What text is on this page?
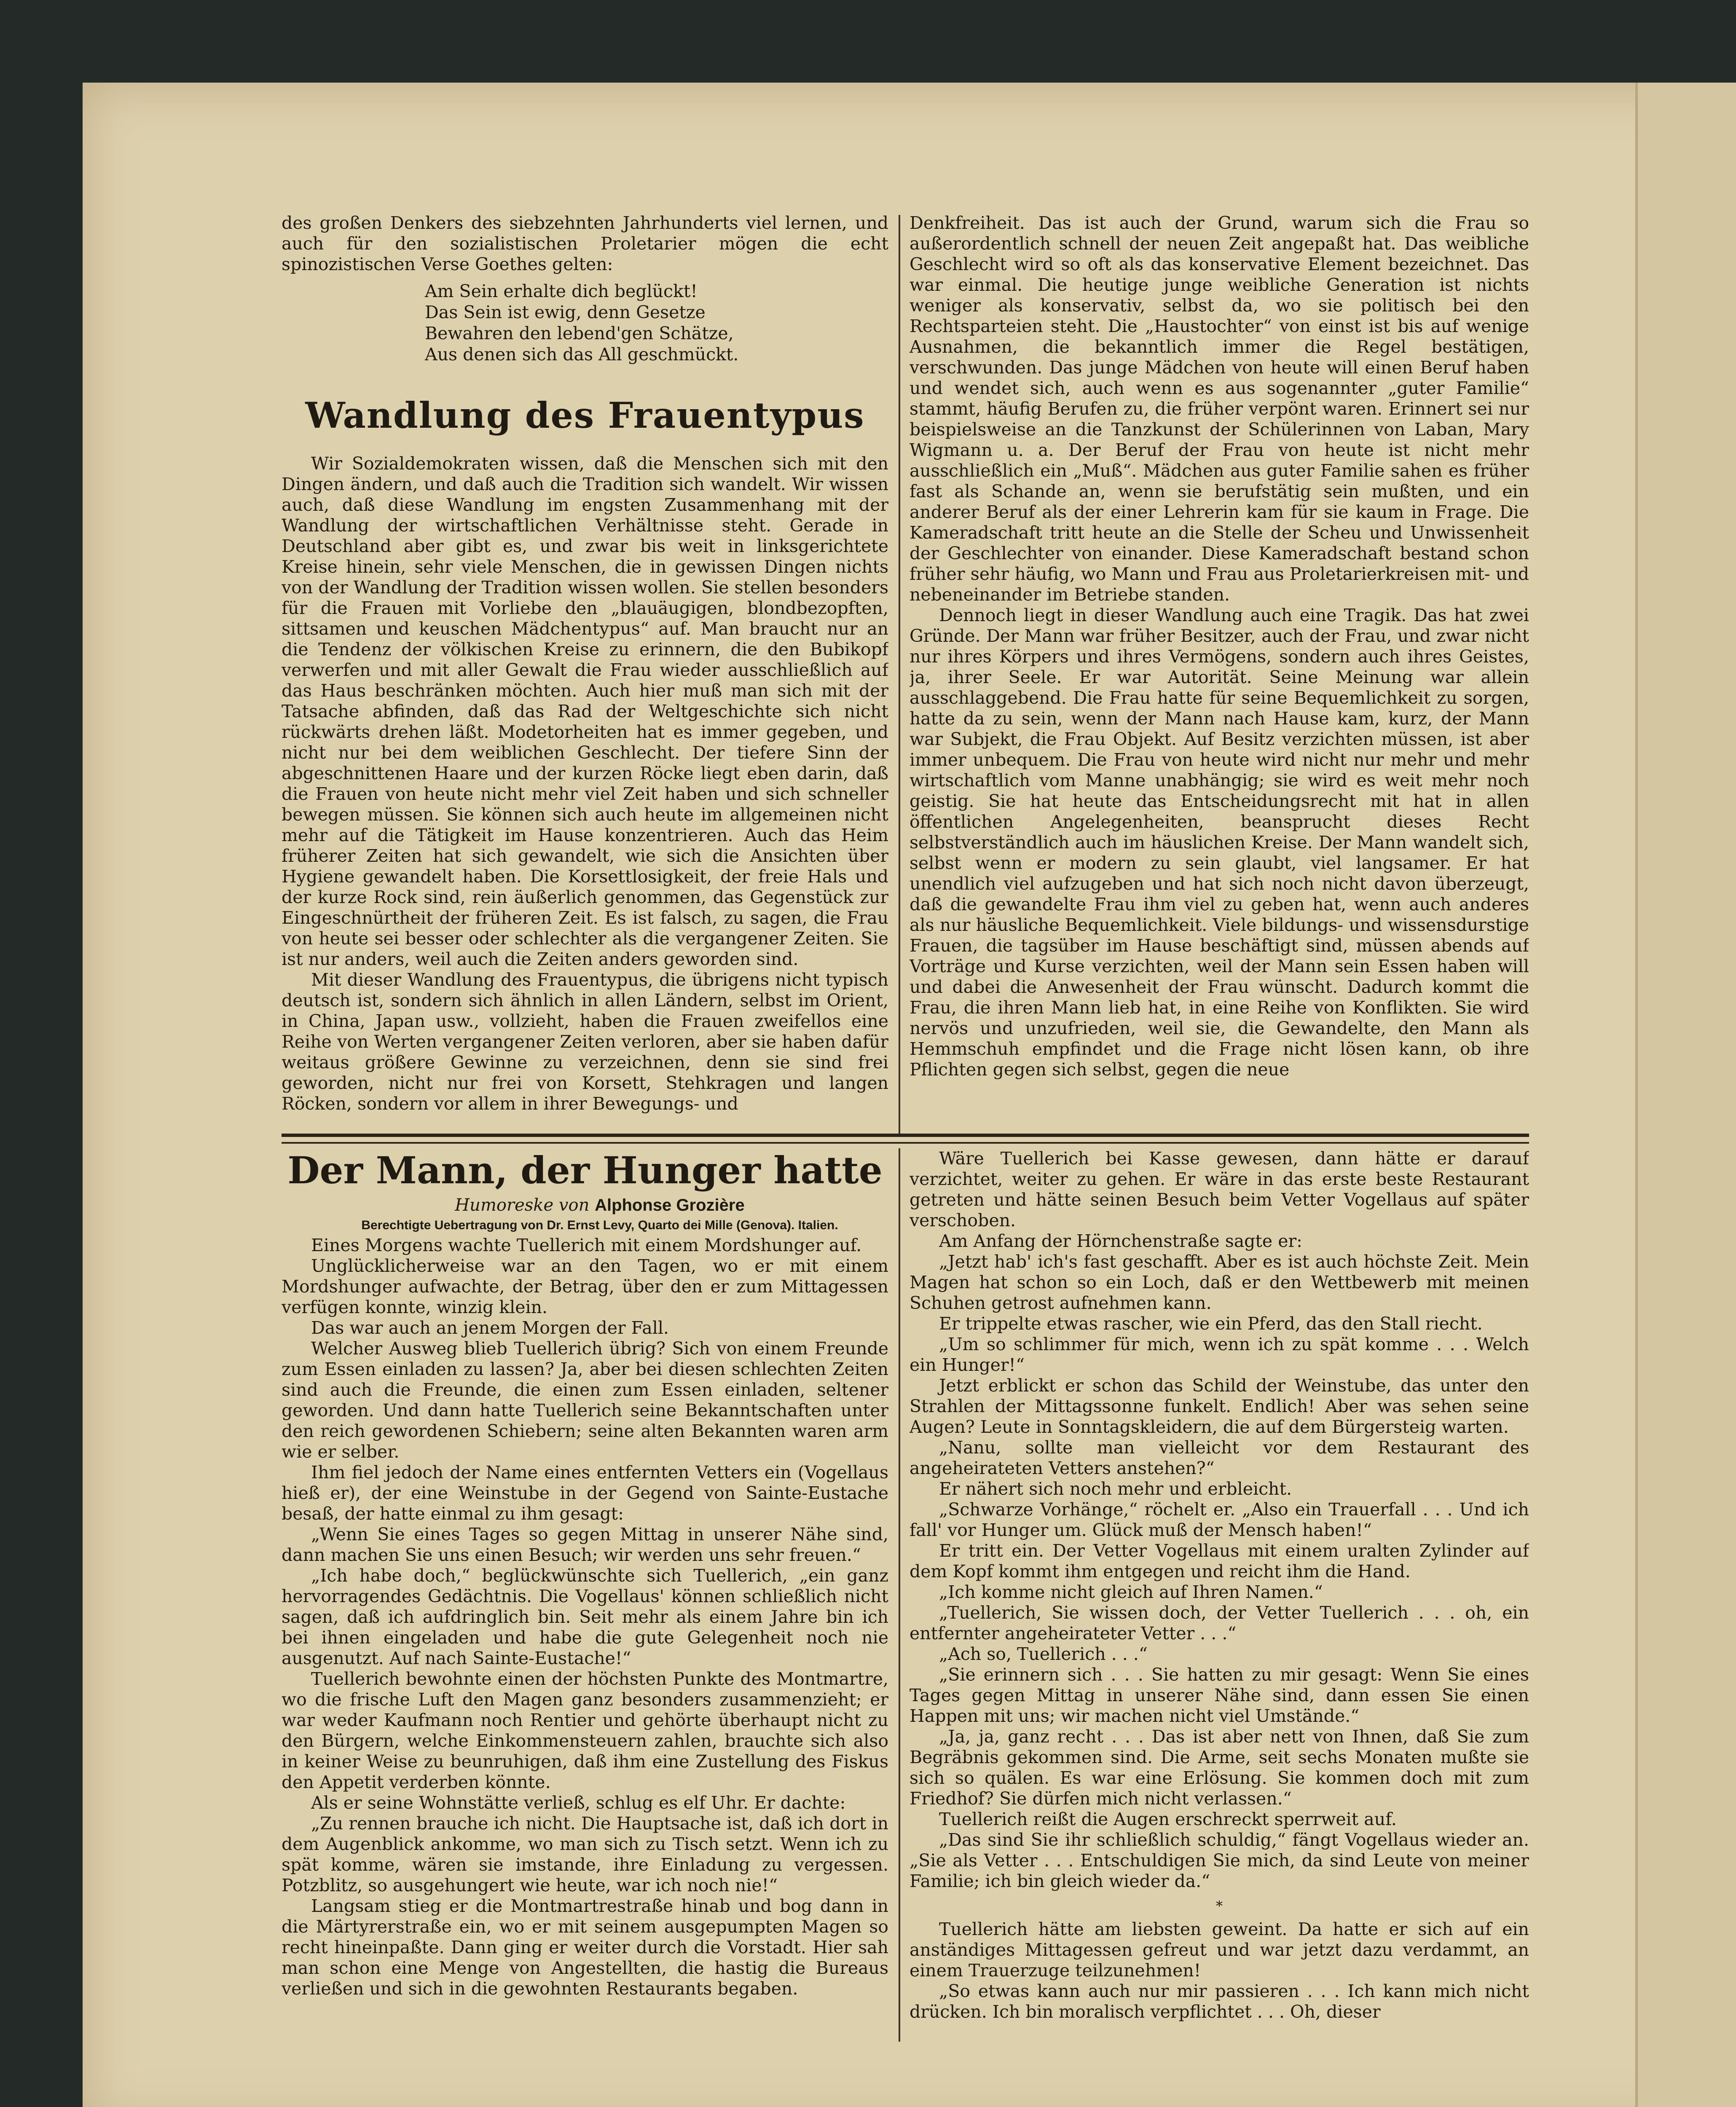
des großen Denkers des siebzehnten Jahrhunderts viel lernen, und auch für den sozialistischen Proletarier mögen die echt spinozistischen Verse Goethes gelten:

Am Sein erhalte dich beglückt!
Das Sein ist ewig, denn Gesetze
Bewahren den lebend'gen Schätze,
Aus denen sich das All geschmückt.
Wandlung des Frauentypus

Wir Sozialdemokraten wissen, daß die Menschen sich mit den Dingen ändern, und daß auch die Tradition sich wandelt. Wir wissen auch, daß diese Wandlung im engsten Zusammenhang mit der Wandlung der wirtschaftlichen Verhältnisse steht. Gerade in Deutschland aber gibt es, und zwar bis weit in linksgerichtete Kreise hinein, sehr viele Menschen, die in gewissen Dingen nichts von der Wandlung der Tradition wissen wollen. Sie stellen besonders für die Frauen mit Vorliebe den „blauäugigen, blondbezopften, sittsamen und keuschen Mädchentypus“ auf. Man braucht nur an die Tendenz der völkischen Kreise zu erinnern, die den Bubikopf verwerfen und mit aller Gewalt die Frau wieder ausschließlich auf das Haus beschränken möchten. Auch hier muß man sich mit der Tatsache abfinden, daß das Rad der Weltgeschichte sich nicht rückwärts drehen läßt. Modetorheiten hat es immer gegeben, und nicht nur bei dem weiblichen Geschlecht. Der tiefere Sinn der abgeschnittenen Haare und der kurzen Röcke liegt eben darin, daß die Frauen von heute nicht mehr viel Zeit haben und sich schneller bewegen müssen. Sie können sich auch heute im allgemeinen nicht mehr auf die Tätigkeit im Hause konzentrieren. Auch das Heim früherer Zeiten hat sich gewandelt, wie sich die Ansichten über Hygiene gewandelt haben. Die Korsettlosigkeit, der freie Hals und der kurze Rock sind, rein äußerlich genommen, das Gegenstück zur Eingeschnürtheit der früheren Zeit. Es ist falsch, zu sagen, die Frau von heute sei besser oder schlechter als die vergangener Zeiten. Sie ist nur anders, weil auch die Zeiten anders geworden sind.

Mit dieser Wandlung des Frauentypus, die übrigens nicht typisch deutsch ist, sondern sich ähnlich in allen Ländern, selbst im Orient, in China, Japan usw., vollzieht, haben die Frauen zweifellos eine Reihe von Werten vergangener Zeiten verloren, aber sie haben dafür weitaus größere Gewinne zu verzeichnen, denn sie sind frei geworden, nicht nur frei von Korsett, Stehkragen und langen Röcken, sondern vor allem in ihrer Bewegungs- und

Denkfreiheit. Das ist auch der Grund, warum sich die Frau so außerordentlich schnell der neuen Zeit angepaßt hat. Das weibliche Geschlecht wird so oft als das konservative Element bezeichnet. Das war einmal. Die heutige junge weibliche Generation ist nichts weniger als konservativ, selbst da, wo sie politisch bei den Rechtsparteien steht. Die „Haustochter“ von einst ist bis auf wenige Ausnahmen, die bekanntlich immer die Regel bestätigen, verschwunden. Das junge Mädchen von heute will einen Beruf haben und wendet sich, auch wenn es aus sogenannter „guter Familie“ stammt, häufig Berufen zu, die früher verpönt waren. Erinnert sei nur beispielsweise an die Tanzkunst der Schülerinnen von Laban, Mary Wigmann u. a. Der Beruf der Frau von heute ist nicht mehr ausschließlich ein „Muß“. Mädchen aus guter Familie sahen es früher fast als Schande an, wenn sie berufstätig sein mußten, und ein anderer Beruf als der einer Lehrerin kam für sie kaum in Frage. Die Kameradschaft tritt heute an die Stelle der Scheu und Unwissenheit der Geschlechter von einander. Diese Kameradschaft bestand schon früher sehr häufig, wo Mann und Frau aus Proletarierkreisen mit- und nebeneinander im Betriebe standen.

Dennoch liegt in dieser Wandlung auch eine Tragik. Das hat zwei Gründe. Der Mann war früher Besitzer, auch der Frau, und zwar nicht nur ihres Körpers und ihres Vermögens, sondern auch ihres Geistes, ja, ihrer Seele. Er war Autorität. Seine Meinung war allein ausschlaggebend. Die Frau hatte für seine Bequemlichkeit zu sorgen, hatte da zu sein, wenn der Mann nach Hause kam, kurz, der Mann war Subjekt, die Frau Objekt. Auf Besitz verzichten müssen, ist aber immer unbequem. Die Frau von heute wird nicht nur mehr und mehr wirtschaftlich vom Manne unabhängig; sie wird es weit mehr noch geistig. Sie hat heute das Entscheidungsrecht mit hat in allen öffentlichen Angelegenheiten, beansprucht dieses Recht selbstverständlich auch im häuslichen Kreise. Der Mann wandelt sich, selbst wenn er modern zu sein glaubt, viel langsamer. Er hat unendlich viel aufzugeben und hat sich noch nicht davon überzeugt, daß die gewandelte Frau ihm viel zu geben hat, wenn auch anderes als nur häusliche Bequemlichkeit. Viele bildungs- und wissensdurstige Frauen, die tagsüber im Hause beschäftigt sind, müssen abends auf Vorträge und Kurse verzichten, weil der Mann sein Essen haben will und dabei die Anwesenheit der Frau wünscht. Dadurch kommt die Frau, die ihren Mann lieb hat, in eine Reihe von Konflikten. Sie wird nervös und unzufrieden, weil sie, die Gewandelte, den Mann als Hemmschuh empfindet und die Frage nicht lösen kann, ob ihre Pflichten gegen sich selbst, gegen die neue

Der Mann, der Hunger hatte

Humoreske von Alphonse Grozière

Berechtigte Uebertragung von Dr. Ernst Levy, Quarto dei Mille (Genova). Italien.

Eines Morgens wachte Tuellerich mit einem Mordshunger auf.

Unglücklicherweise war an den Tagen, wo er mit einem Mordshunger aufwachte, der Betrag, über den er zum Mittagessen verfügen konnte, winzig klein.

Das war auch an jenem Morgen der Fall.

Welcher Ausweg blieb Tuellerich übrig? Sich von einem Freunde zum Essen einladen zu lassen? Ja, aber bei diesen schlechten Zeiten sind auch die Freunde, die einen zum Essen einladen, seltener geworden. Und dann hatte Tuellerich seine Bekanntschaften unter den reich gewordenen Schiebern; seine alten Bekannten waren arm wie er selber.

Ihm fiel jedoch der Name eines entfernten Vetters ein (Vogellaus hieß er), der eine Weinstube in der Gegend von Sainte-Eustache besaß, der hatte einmal zu ihm gesagt:

„Wenn Sie eines Tages so gegen Mittag in unserer Nähe sind, dann machen Sie uns einen Besuch; wir werden uns sehr freuen.“

„Ich habe doch,“ beglückwünschte sich Tuellerich, „ein ganz hervorragendes Gedächtnis. Die Vogellaus' können schließlich nicht sagen, daß ich aufdringlich bin. Seit mehr als einem Jahre bin ich bei ihnen eingeladen und habe die gute Gelegenheit noch nie ausgenutzt. Auf nach Sainte-Eustache!“

Tuellerich bewohnte einen der höchsten Punkte des Montmartre, wo die frische Luft den Magen ganz besonders zusammenzieht; er war weder Kaufmann noch Rentier und gehörte überhaupt nicht zu den Bürgern, welche Einkommensteuern zahlen, brauchte sich also in keiner Weise zu beunruhigen, daß ihm eine Zustellung des Fiskus den Appetit verderben könnte.

Als er seine Wohnstätte verließ, schlug es elf Uhr. Er dachte:

„Zu rennen brauche ich nicht. Die Hauptsache ist, daß ich dort in dem Augenblick ankomme, wo man sich zu Tisch setzt. Wenn ich zu spät komme, wären sie imstande, ihre Einladung zu vergessen. Potzblitz, so ausgehungert wie heute, war ich noch nie!“

Langsam stieg er die Montmartrestraße hinab und bog dann in die Märtyrerstraße ein, wo er mit seinem ausgepumpten Magen so recht hineinpaßte. Dann ging er weiter durch die Vorstadt. Hier sah man schon eine Menge von Angestellten, die hastig die Bureaus verließen und sich in die gewohnten Restaurants begaben.

Wäre Tuellerich bei Kasse gewesen, dann hätte er darauf verzichtet, weiter zu gehen. Er wäre in das erste beste Restaurant getreten und hätte seinen Besuch beim Vetter Vogellaus auf später verschoben.

Am Anfang der Hörnchenstraße sagte er:

„Jetzt hab' ich's fast geschafft. Aber es ist auch höchste Zeit. Mein Magen hat schon so ein Loch, daß er den Wettbewerb mit meinen Schuhen getrost aufnehmen kann.

Er trippelte etwas rascher, wie ein Pferd, das den Stall riecht.

„Um so schlimmer für mich, wenn ich zu spät komme . . . Welch ein Hunger!“

Jetzt erblickt er schon das Schild der Weinstube, das unter den Strahlen der Mittagssonne funkelt. Endlich! Aber was sehen seine Augen? Leute in Sonntagskleidern, die auf dem Bürgersteig warten.

„Nanu, sollte man vielleicht vor dem Restaurant des angeheirateten Vetters anstehen?“

Er nähert sich noch mehr und erbleicht.

„Schwarze Vorhänge,“ röchelt er. „Also ein Trauerfall . . . Und ich fall' vor Hunger um. Glück muß der Mensch haben!“

Er tritt ein. Der Vetter Vogellaus mit einem uralten Zylinder auf dem Kopf kommt ihm entgegen und reicht ihm die Hand.

„Ich komme nicht gleich auf Ihren Namen.“

„Tuellerich, Sie wissen doch, der Vetter Tuellerich . . . oh, ein entfernter angeheirateter Vetter . . .“

„Ach so, Tuellerich . . .“

„Sie erinnern sich . . . Sie hatten zu mir gesagt: Wenn Sie eines Tages gegen Mittag in unserer Nähe sind, dann essen Sie einen Happen mit uns; wir machen nicht viel Umstände.“

„Ja, ja, ganz recht . . . Das ist aber nett von Ihnen, daß Sie zum Begräbnis gekommen sind. Die Arme, seit sechs Monaten mußte sie sich so quälen. Es war eine Erlösung. Sie kommen doch mit zum Friedhof? Sie dürfen mich nicht verlassen.“

Tuellerich reißt die Augen erschreckt sperrweit auf.

„Das sind Sie ihr schließlich schuldig,“ fängt Vogellaus wieder an. „Sie als Vetter . . . Entschuldigen Sie mich, da sind Leute von meiner Familie; ich bin gleich wieder da.“

*

Tuellerich hätte am liebsten geweint. Da hatte er sich auf ein anständiges Mittagessen gefreut und war jetzt dazu verdammt, an einem Trauerzuge teilzunehmen!

„So etwas kann auch nur mir passieren . . . Ich kann mich nicht drücken. Ich bin moralisch verpflichtet . . . Oh, dieser
